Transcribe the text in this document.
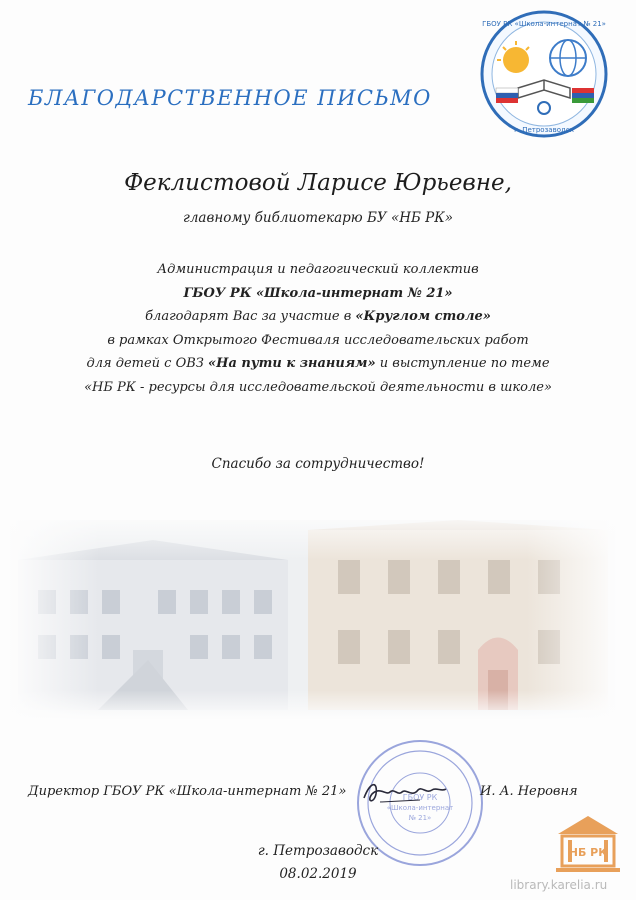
ГБОУ РК «Школа-интернат № 21»
г. Петрозаводск
БЛАГОДАРСТВЕННОЕ ПИСЬМО
Феклистовой Ларисе Юрьевне,
главному библиотекарю БУ «НБ РК»
Администрация и педагогический коллектив
ГБОУ РК «Школа-интернат № 21»
благодарят Вас за участие в «Круглом столе»
в рамках Открытого Фестиваля исследовательских работ
для детей с ОВЗ «На пути к знаниям» и выступление по теме
«НБ РК - ресурсы для исследовательской деятельности в школе»
Спасибо за сотрудничество!
ГБОУ РК
«Школа-интернат
№ 21»
Директор ГБОУ РК «Школа-интернат № 21»	И. А. Неровня
г. Петрозаводск
08.02.2019
НБ РК
library.karelia.ru
